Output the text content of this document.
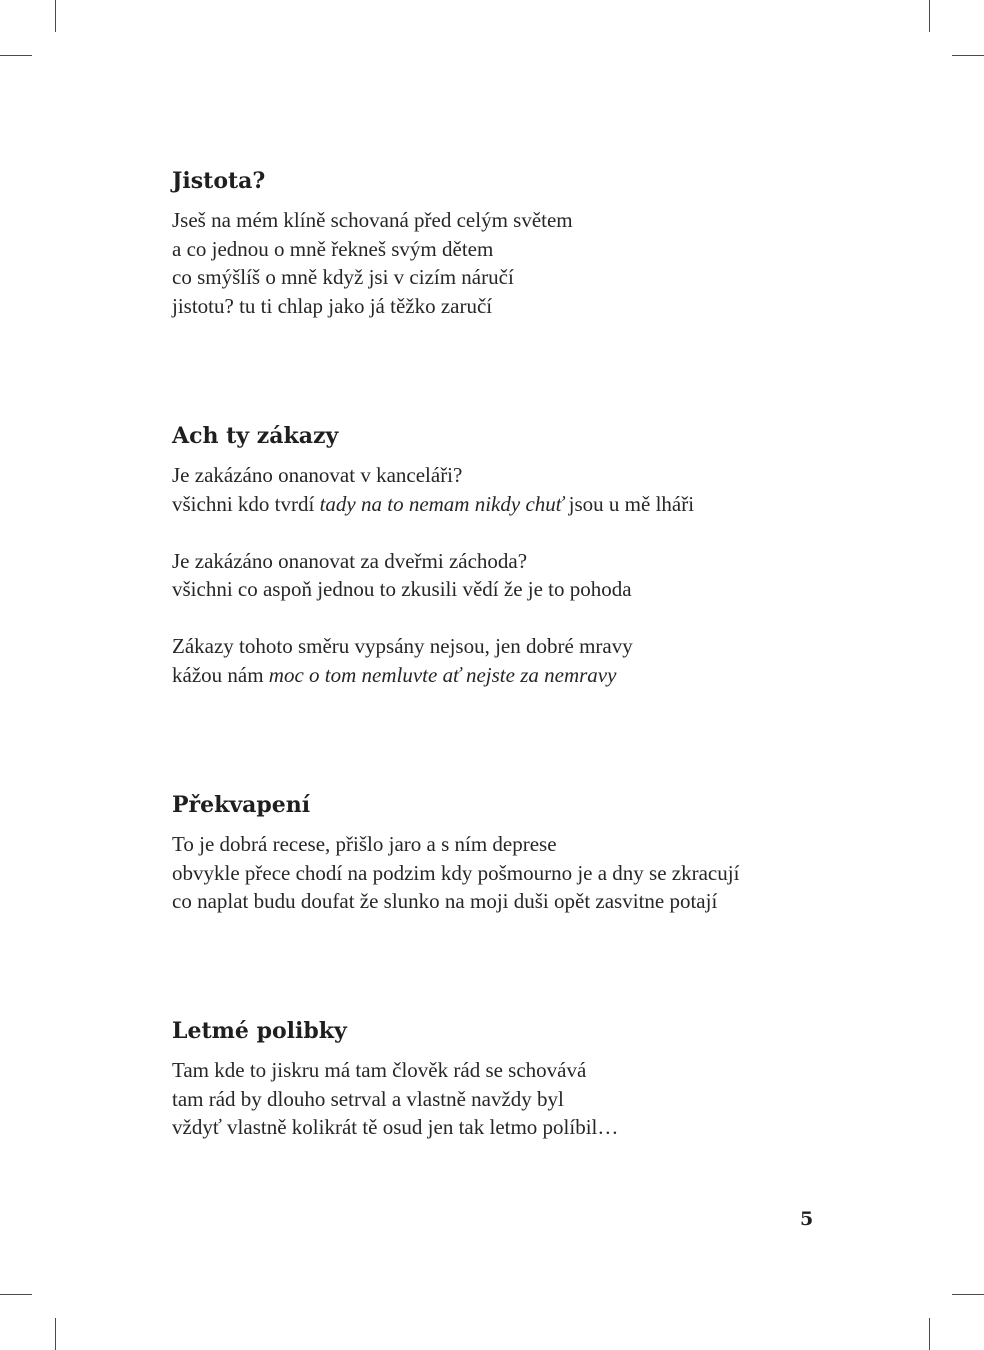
Jistota?

Jseš na mém klíně schovaná před celým světem
a co jednou o mně řekneš svým dětem
co smýšlíš o mně když jsi v cizím náručí
jistotu? tu ti chlap jako já těžko zaručí

Ach ty zákazy

Je zakázáno onanovat v kanceláři?
všichni kdo tvrdí tady na to nemam nikdy chuť jsou u mě lháři

Je zakázáno onanovat za dveřmi záchoda?
všichni co aspoň jednou to zkusili vědí že je to pohoda

Zákazy tohoto směru vypsány nejsou, jen dobré mravy
kážou nám moc o tom nemluvte ať nejste za nemravy

Překvapení

To je dobrá recese, přišlo jaro a s ním deprese
obvykle přece chodí na podzim kdy pošmourno je a dny se zkracují
co naplat budu doufat že slunko na moji duši opět zasvitne potají

Letmé polibky

Tam kde to jiskru má tam člověk rád se schovává
tam rád by dlouho setrval a vlastně navždy byl
vždyť vlastně kolikrát tě osud jen tak letmo políbil…

5
